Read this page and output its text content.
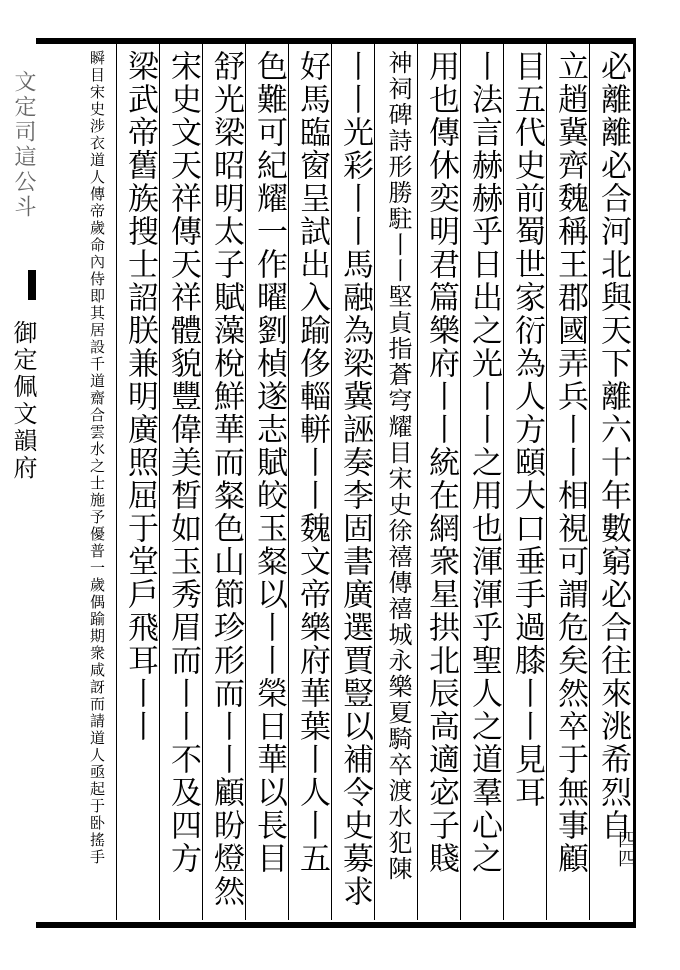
文定司這公斗
御定佩文韻府	必離離必合河北與天下離六十年數窮必合往來洮希烈自
立趙冀齊魏稱王郡國弄兵丨丨相視可謂危矣然卒于無事顧
目五代史前蜀世家衍為人方頤大口垂手過膝丨丨見耳
丨法言赫赫乎日出之光丨丨之用也渾渾乎聖人之道羣心之
用也傳休奕明君篇樂府丨丨統在網衆星拱北辰高適宓子賤
神祠碑詩形勝駐丨丨堅貞指蒼穹耀目宋史徐禧傳禧城永樂夏騎卒渡水犯陳
丨丨光彩丨丨馬融為梁冀誣奏李固書廣選賈豎以補令史募求
好馬臨窗呈試出入踰侈輜軿丨丨魏文帝樂府華葉丨人丨五
色難可紀耀一作曜劉楨遂志賦皎玉粲以丨丨榮日華以長目
舒光梁昭明太子賦藻梲鮮華而粲色山節珍形而丨丨顧盼燈然
宋史文天祥傳天祥體貌豐偉美晳如玉秀眉而丨丨不及四方
梁武帝舊族搜士詔朕兼明廣照屈于堂戶飛耳丨丨
瞬目宋史涉衣道人傳帝歲命內侍即其居設千道齋合雲水之士施予優普一歲偶踰期衆咸訝而請道人亟起于卧搖手	四四
